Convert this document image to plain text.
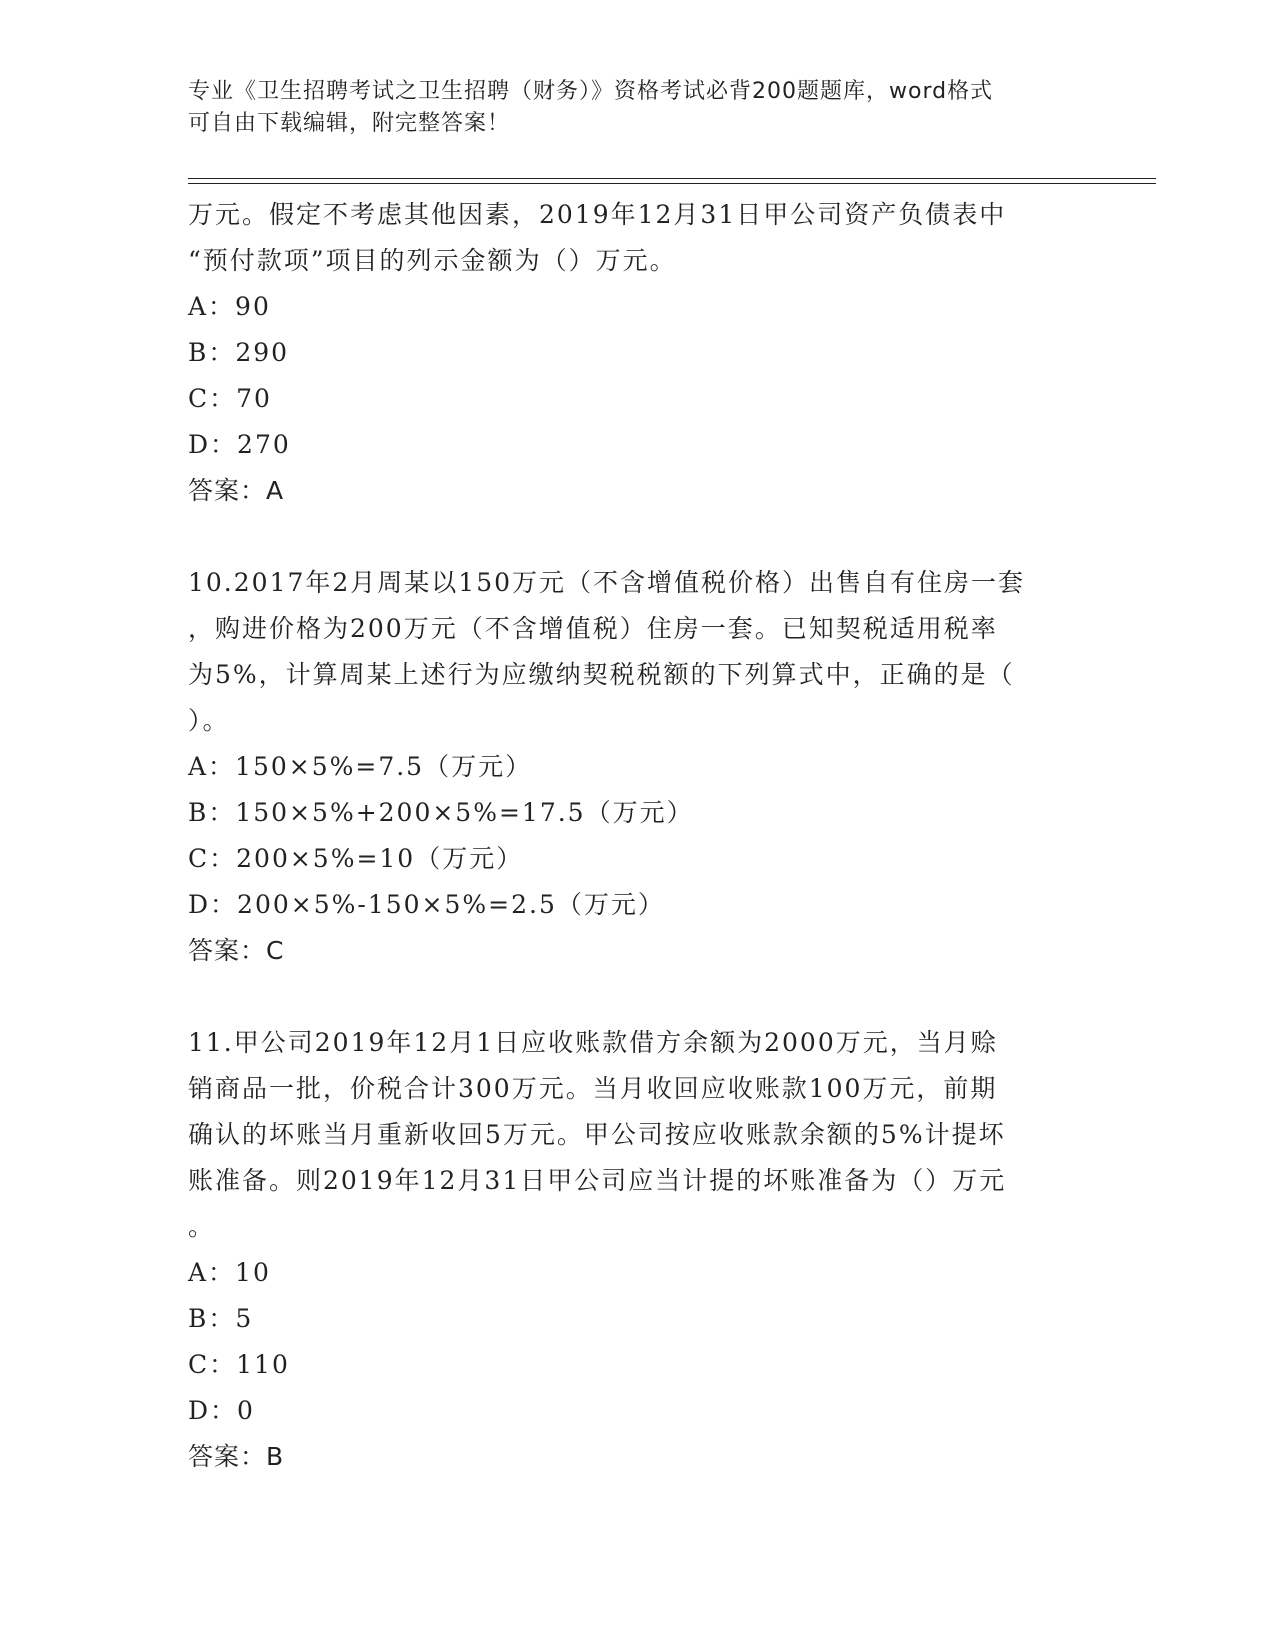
专业《卫生招聘考试之卫生招聘（财务）》资格考试必背200题题库，word格式
可自由下载编辑，附完整答案！
万元。假定不考虑其他因素，2019年12月31日甲公司资产负债表中
“预付款项”项目的列示金额为（）万元。
A：90
B：290
C：70
D：270
答案：A
10.2017年2月周某以150万元（不含增值税价格）出售自有住房一套
，购进价格为200万元（不含增值税）住房一套。已知契税适用税率
为5%，计算周某上述行为应缴纳契税税额的下列算式中，正确的是（
）。
A：150×5%=7.5（万元）
B：150×5%+200×5%=17.5（万元）
C：200×5%=10（万元）
D：200×5%-150×5%=2.5（万元）
答案：C
11.甲公司2019年12月1日应收账款借方余额为2000万元，当月赊
销商品一批，价税合计300万元。当月收回应收账款100万元，前期
确认的坏账当月重新收回5万元。甲公司按应收账款余额的5%计提坏
账准备。则2019年12月31日甲公司应当计提的坏账准备为（）万元
。
A：10
B：5
C：110
D：0
答案：B
